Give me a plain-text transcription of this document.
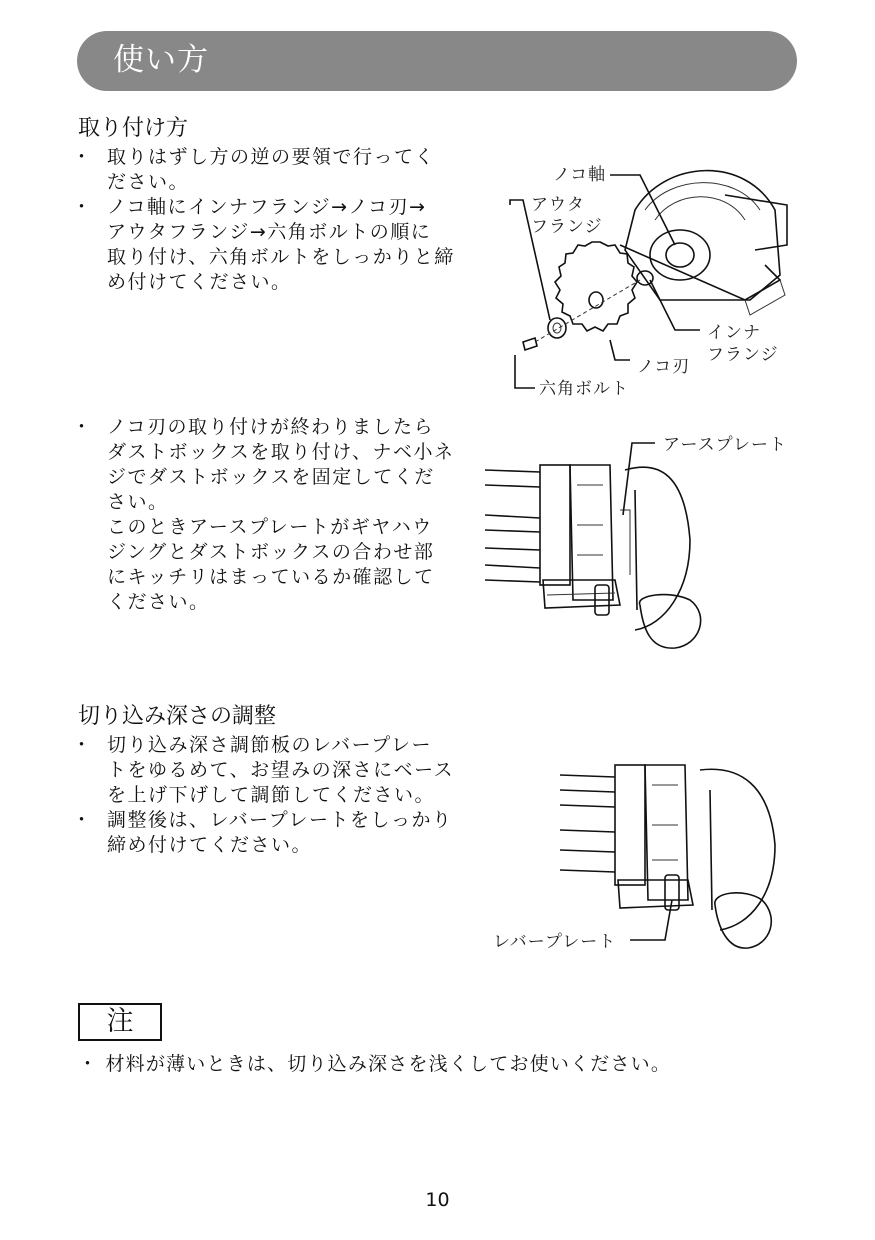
使い方
取り付け方
・ 取りはずし方の逆の要領で行ってく
ださい。
・ ノコ軸にインナフランジ→ノコ刃→
アウタフランジ→六角ボルトの順に
取り付け、六角ボルトをしっかりと締
め付けてください。
ノコ軸
アウタフランジ
インナフランジ
ノコ刃
六角ボルト
・ ノコ刃の取り付けが終わりましたら
ダストボックスを取り付け、ナベ小ネ
ジでダストボックスを固定してくだ
さい。
このときアースプレートがギヤハウ
ジングとダストボックスの合わせ部
にキッチリはまっているか確認して
ください。
アースプレート
切り込み深さの調整
・ 切り込み深さ調節板のレバープレー
トをゆるめて、お望みの深さにベース
を上げ下げして調節してください。
・ 調整後は、レバープレートをしっかり
締め付けてください。
レバープレート
注
・ 材料が薄いときは、切り込み深さを浅くしてお使いください。
10
